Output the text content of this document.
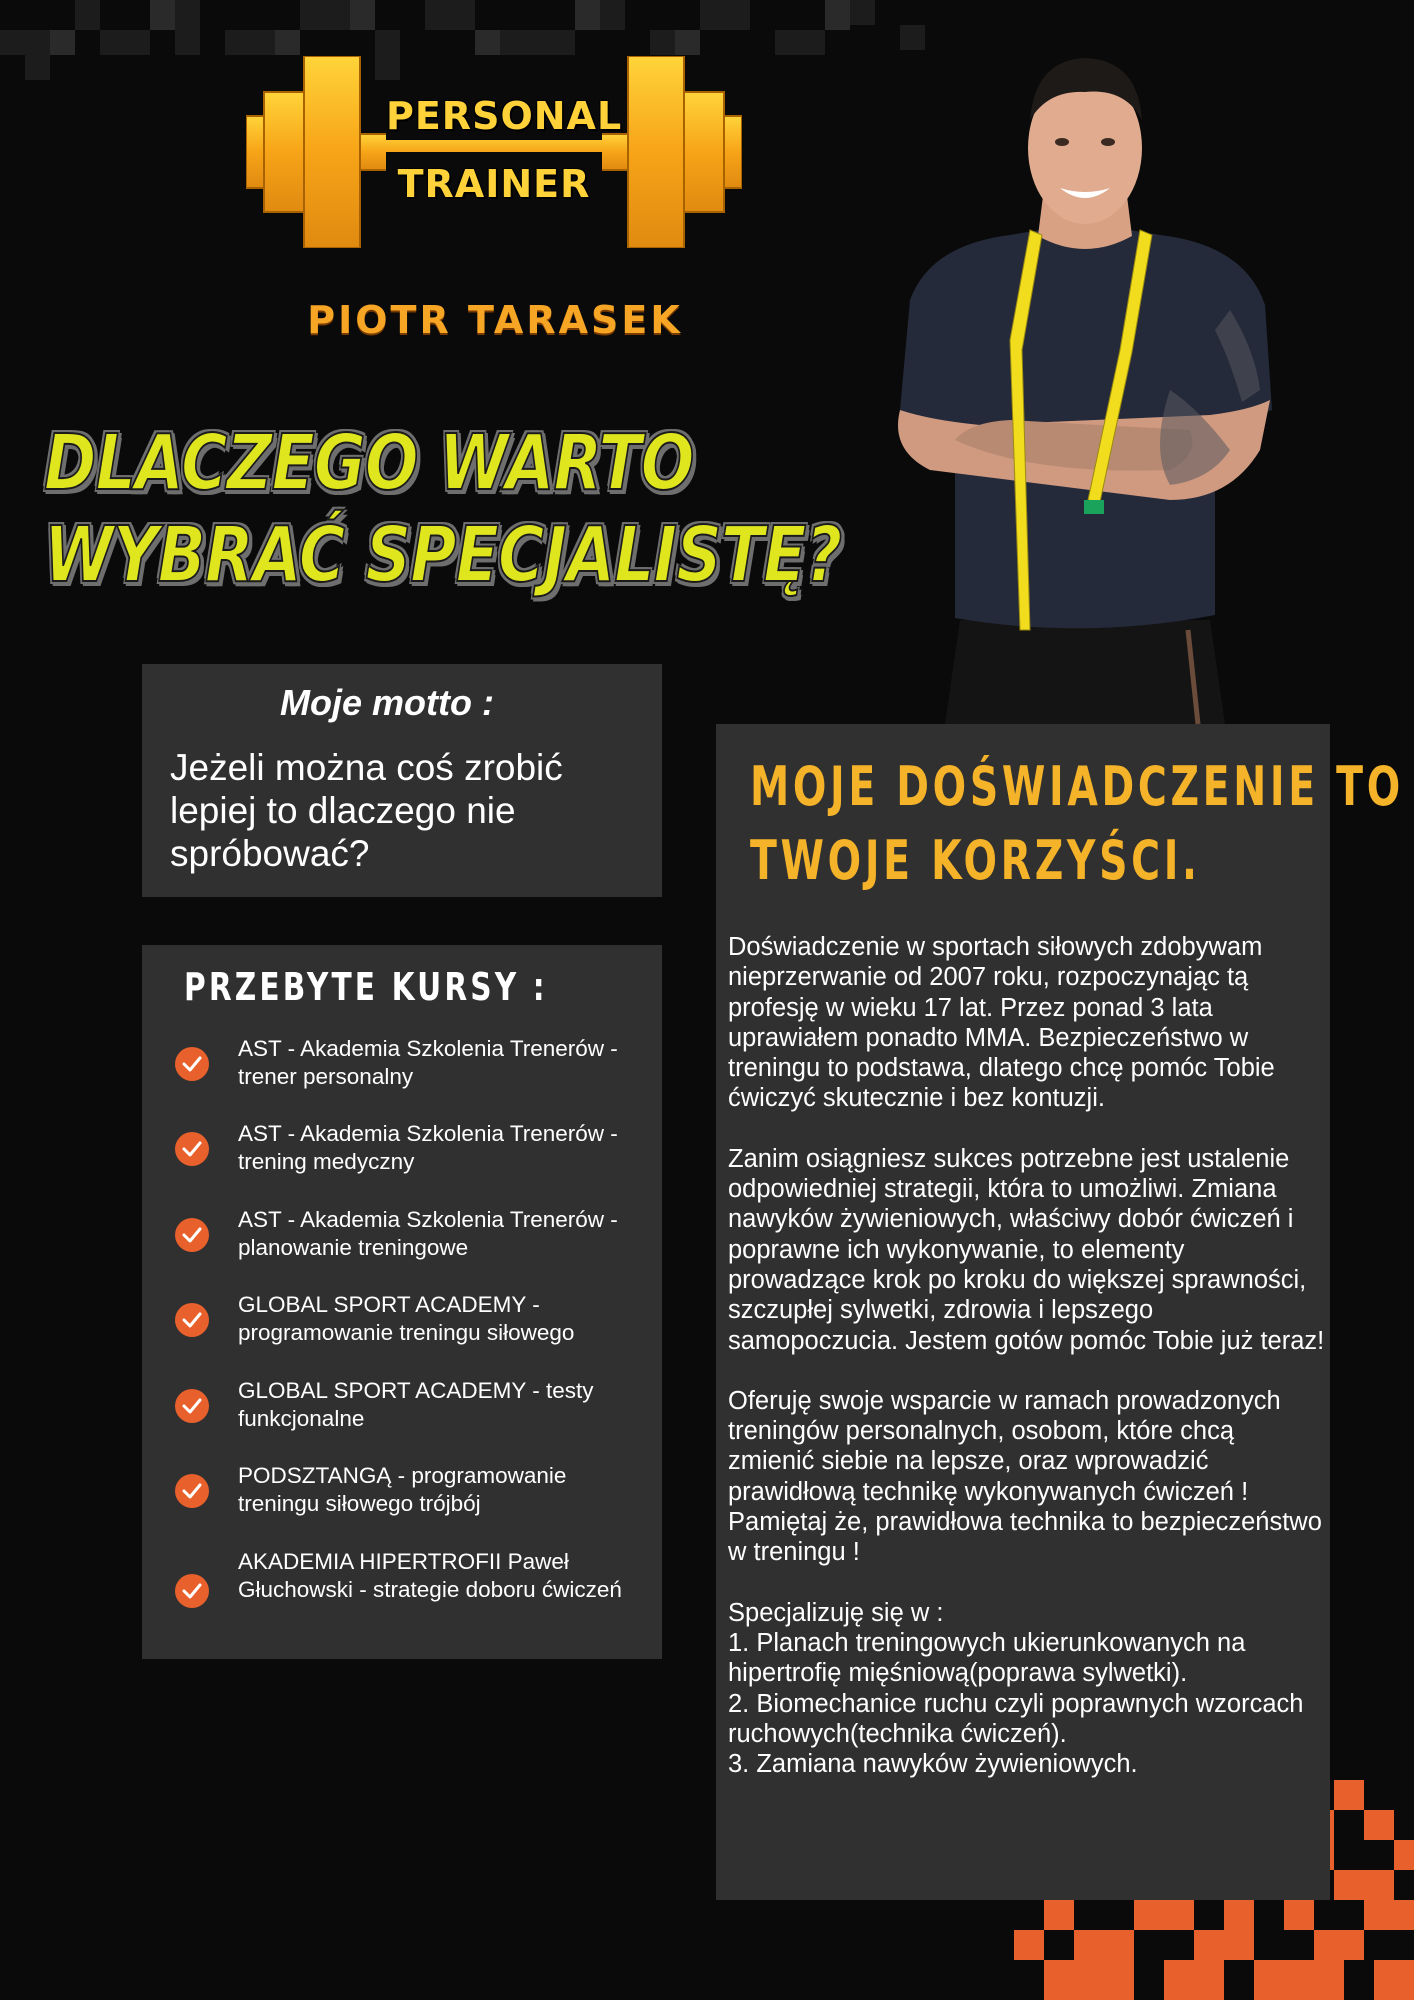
PERSONAL
TRAINER
PIOTR TARASEK
DLACZEGO WARTO
WYBRAĆ SPECJALISTĘ?
Moje motto :
Jeżeli można coś zrobić lepiej to dlaczego nie spróbować?
PRZEBYTE KURSY :
AST - Akademia Szkolenia Trenerów - trener personalny
AST - Akademia Szkolenia Trenerów - trening medyczny
AST - Akademia Szkolenia Trenerów - planowanie treningowe
GLOBAL SPORT ACADEMY - programowanie treningu siłowego
GLOBAL SPORT ACADEMY - testy funkcjonalne
PODSZTANGĄ - programowanie treningu siłowego trójbój
AKADEMIA HIPERTROFII Paweł Głuchowski - strategie doboru ćwiczeń
MOJE DOŚWIADCZENIE TO
TWOJE KORZYŚCI.

Doświadczenie w sportach siłowych zdobywam nieprzerwanie od 2007 roku, rozpoczynając tą profesję w wieku 17 lat. Przez ponad 3 lata uprawiałem ponadto MMA. Bezpieczeństwo w treningu to podstawa, dlatego chcę pomóc Tobie ćwiczyć skutecznie i bez kontuzji.

Zanim osiągniesz sukces potrzebne jest ustalenie odpowiedniej strategii, która to umożliwi. Zmiana nawyków żywieniowych, właściwy dobór ćwiczeń i poprawne ich wykonywanie, to elementy prowadzące krok po kroku do większej sprawności, szczupłej sylwetki, zdrowia i lepszego samopoczucia. Jestem gotów pomóc Tobie już teraz!

Oferuję swoje wsparcie w ramach prowadzonych treningów personalnych, osobom, które chcą zmienić siebie na lepsze, oraz wprowadzić prawidłową technikę wykonywanych ćwiczeń ! Pamiętaj że, prawidłowa technika to bezpieczeństwo w treningu !

Specjalizuję się w :
1. Planach treningowych ukierunkowanych na hipertrofię mięśniową(poprawa sylwetki).
2. Biomechanice ruchu czyli poprawnych wzorcach ruchowych(technika ćwiczeń).
3. Zamiana nawyków żywieniowych.
